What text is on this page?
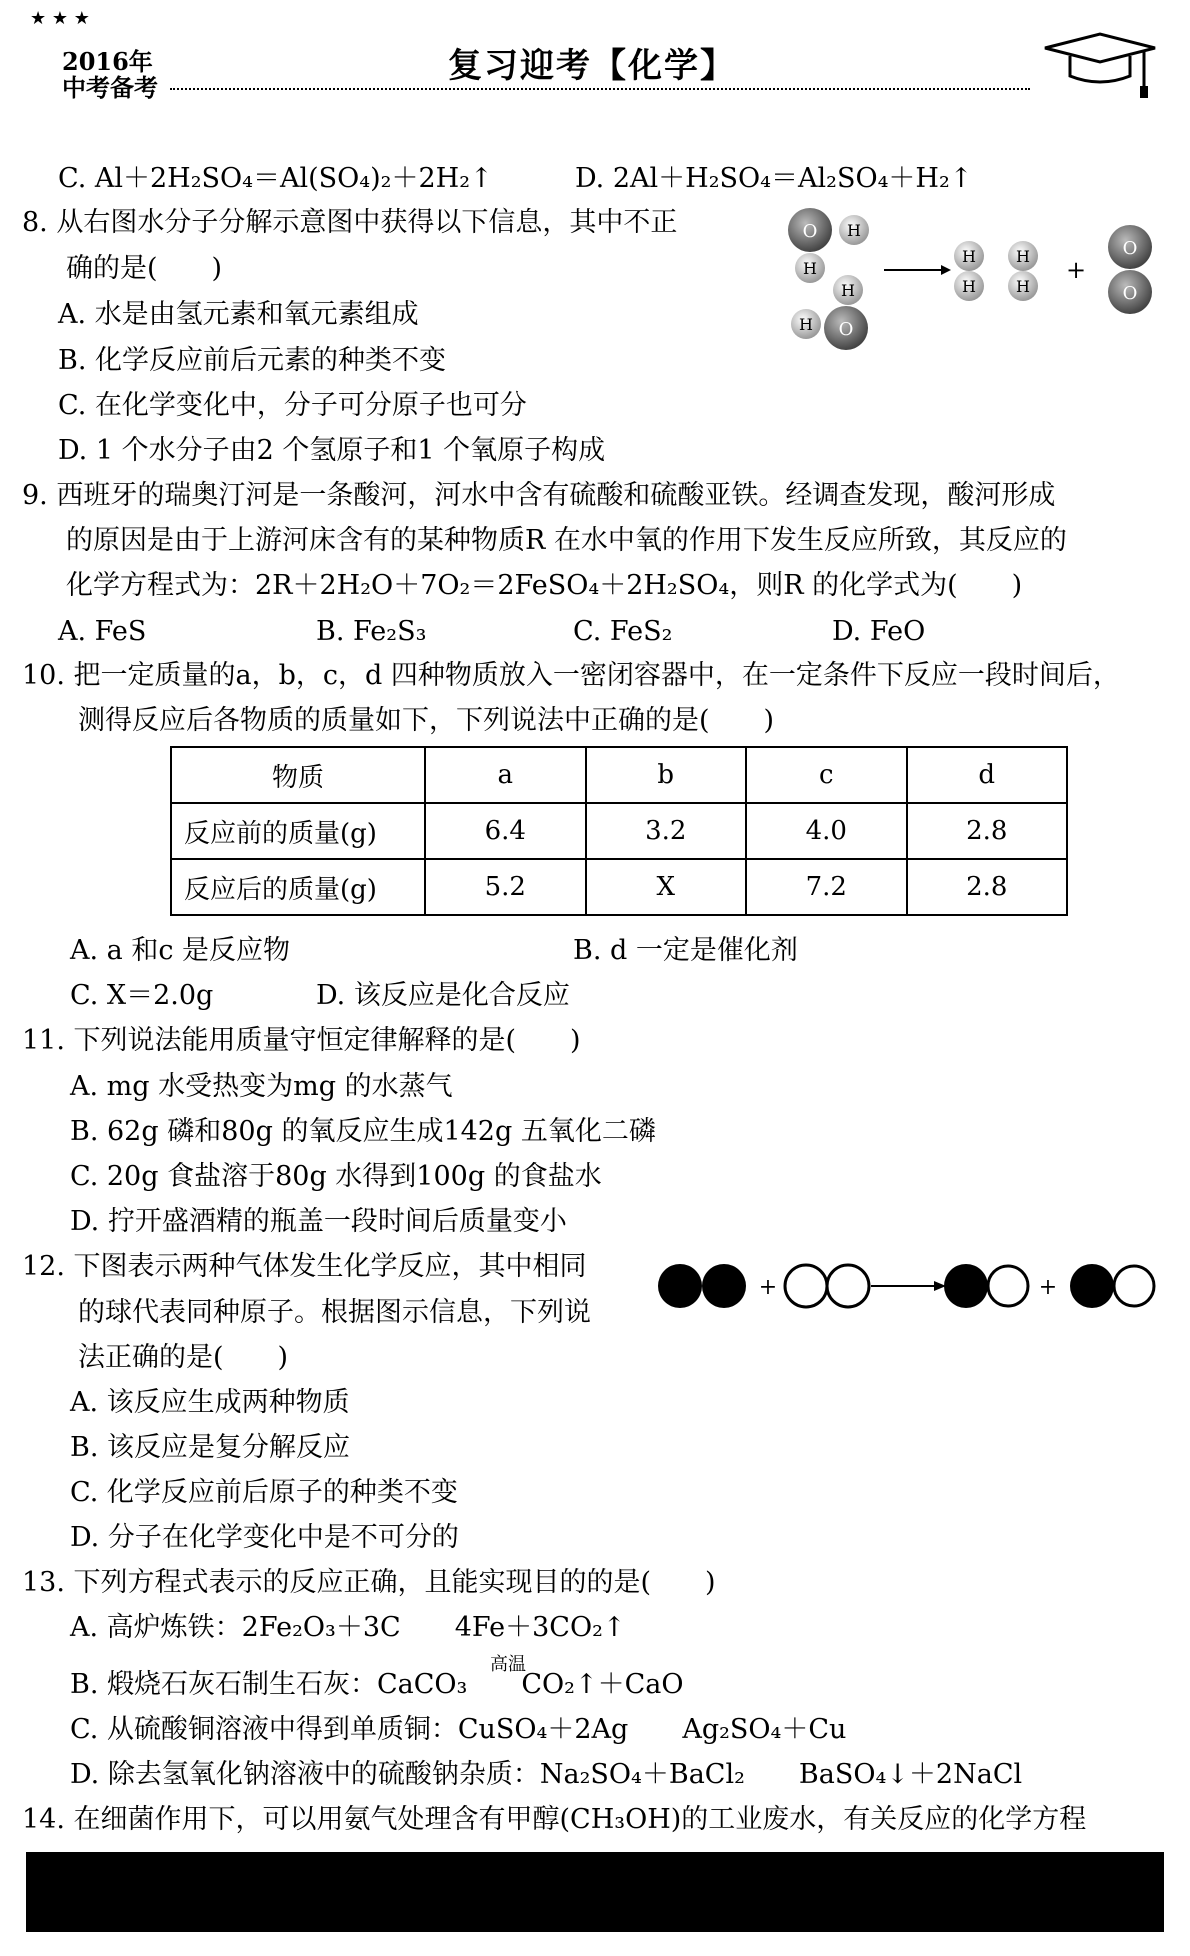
★ ★ ★
2016年
中考备考
复习迎考【化学】
C. Al＋2H₂SO₄＝Al(SO₄)₂＋2H₂↑	D. 2Al＋H₂SO₄＝Al₂SO₄＋H₂↑
8. 从右图水分子分解示意图中获得以下信息，其中不正
确的是(　　)
A. 水是由氢元素和氧元素组成
B. 化学反应前后元素的种类不变
C. 在化学变化中，分子可分原子也可分
D. 1 个水分子由2 个氢原子和1 个氧原子构成
O H
H
H
H O
H
H
H
H
+
O
O
9. 西班牙的瑞奥汀河是一条酸河，河水中含有硫酸和硫酸亚铁。经调查发现，酸河形成
的原因是由于上游河床含有的某种物质R 在水中氧的作用下发生反应所致，其反应的
化学方程式为：2R＋2H₂O＋7O₂＝2FeSO₄＋2H₂SO₄，则R 的化学式为(　　)
A. FeS	B. Fe₂S₃	C. FeS₂	D. FeO
10. 把一定质量的a，b，c，d 四种物质放入一密闭容器中，在一定条件下反应一段时间后，
测得反应后各物质的质量如下，下列说法中正确的是(　　)
物质	a	b	c	d
反应前的质量(g)	6.4	3.2	4.0	2.8
反应后的质量(g)	5.2	X	7.2	2.8
A. a 和c 是反应物	B. d 一定是催化剂
C. X＝2.0g	D. 该反应是化合反应
11. 下列说法能用质量守恒定律解释的是(　　)
A. mg 水受热变为mg 的水蒸气
B. 62g 磷和80g 的氧反应生成142g 五氧化二磷
C. 20g 食盐溶于80g 水得到100g 的食盐水
D. 拧开盛酒精的瓶盖一段时间后质量变小
12. 下图表示两种气体发生化学反应，其中相同
的球代表同种原子。根据图示信息，下列说
法正确的是(　　)
+	+
A. 该反应生成两种物质
B. 该反应是复分解反应
C. 化学反应前后原子的种类不变
D. 分子在化学变化中是不可分的
13. 下列方程式表示的反应正确，且能实现目的的是(　　)
A. 高炉炼铁：2Fe₂O₃＋3C　　4Fe＋3CO₂↑
高温
B. 煅烧石灰石制生石灰：CaCO₃　　CO₂↑＋CaO
C. 从硫酸铜溶液中得到单质铜：CuSO₄＋2Ag　　Ag₂SO₄＋Cu
D. 除去氢氧化钠溶液中的硫酸钠杂质：Na₂SO₄＋BaCl₂　　BaSO₄↓＋2NaCl
14. 在细菌作用下，可以用氨气处理含有甲醇(CH₃OH)的工业废水，有关反应的化学方程
